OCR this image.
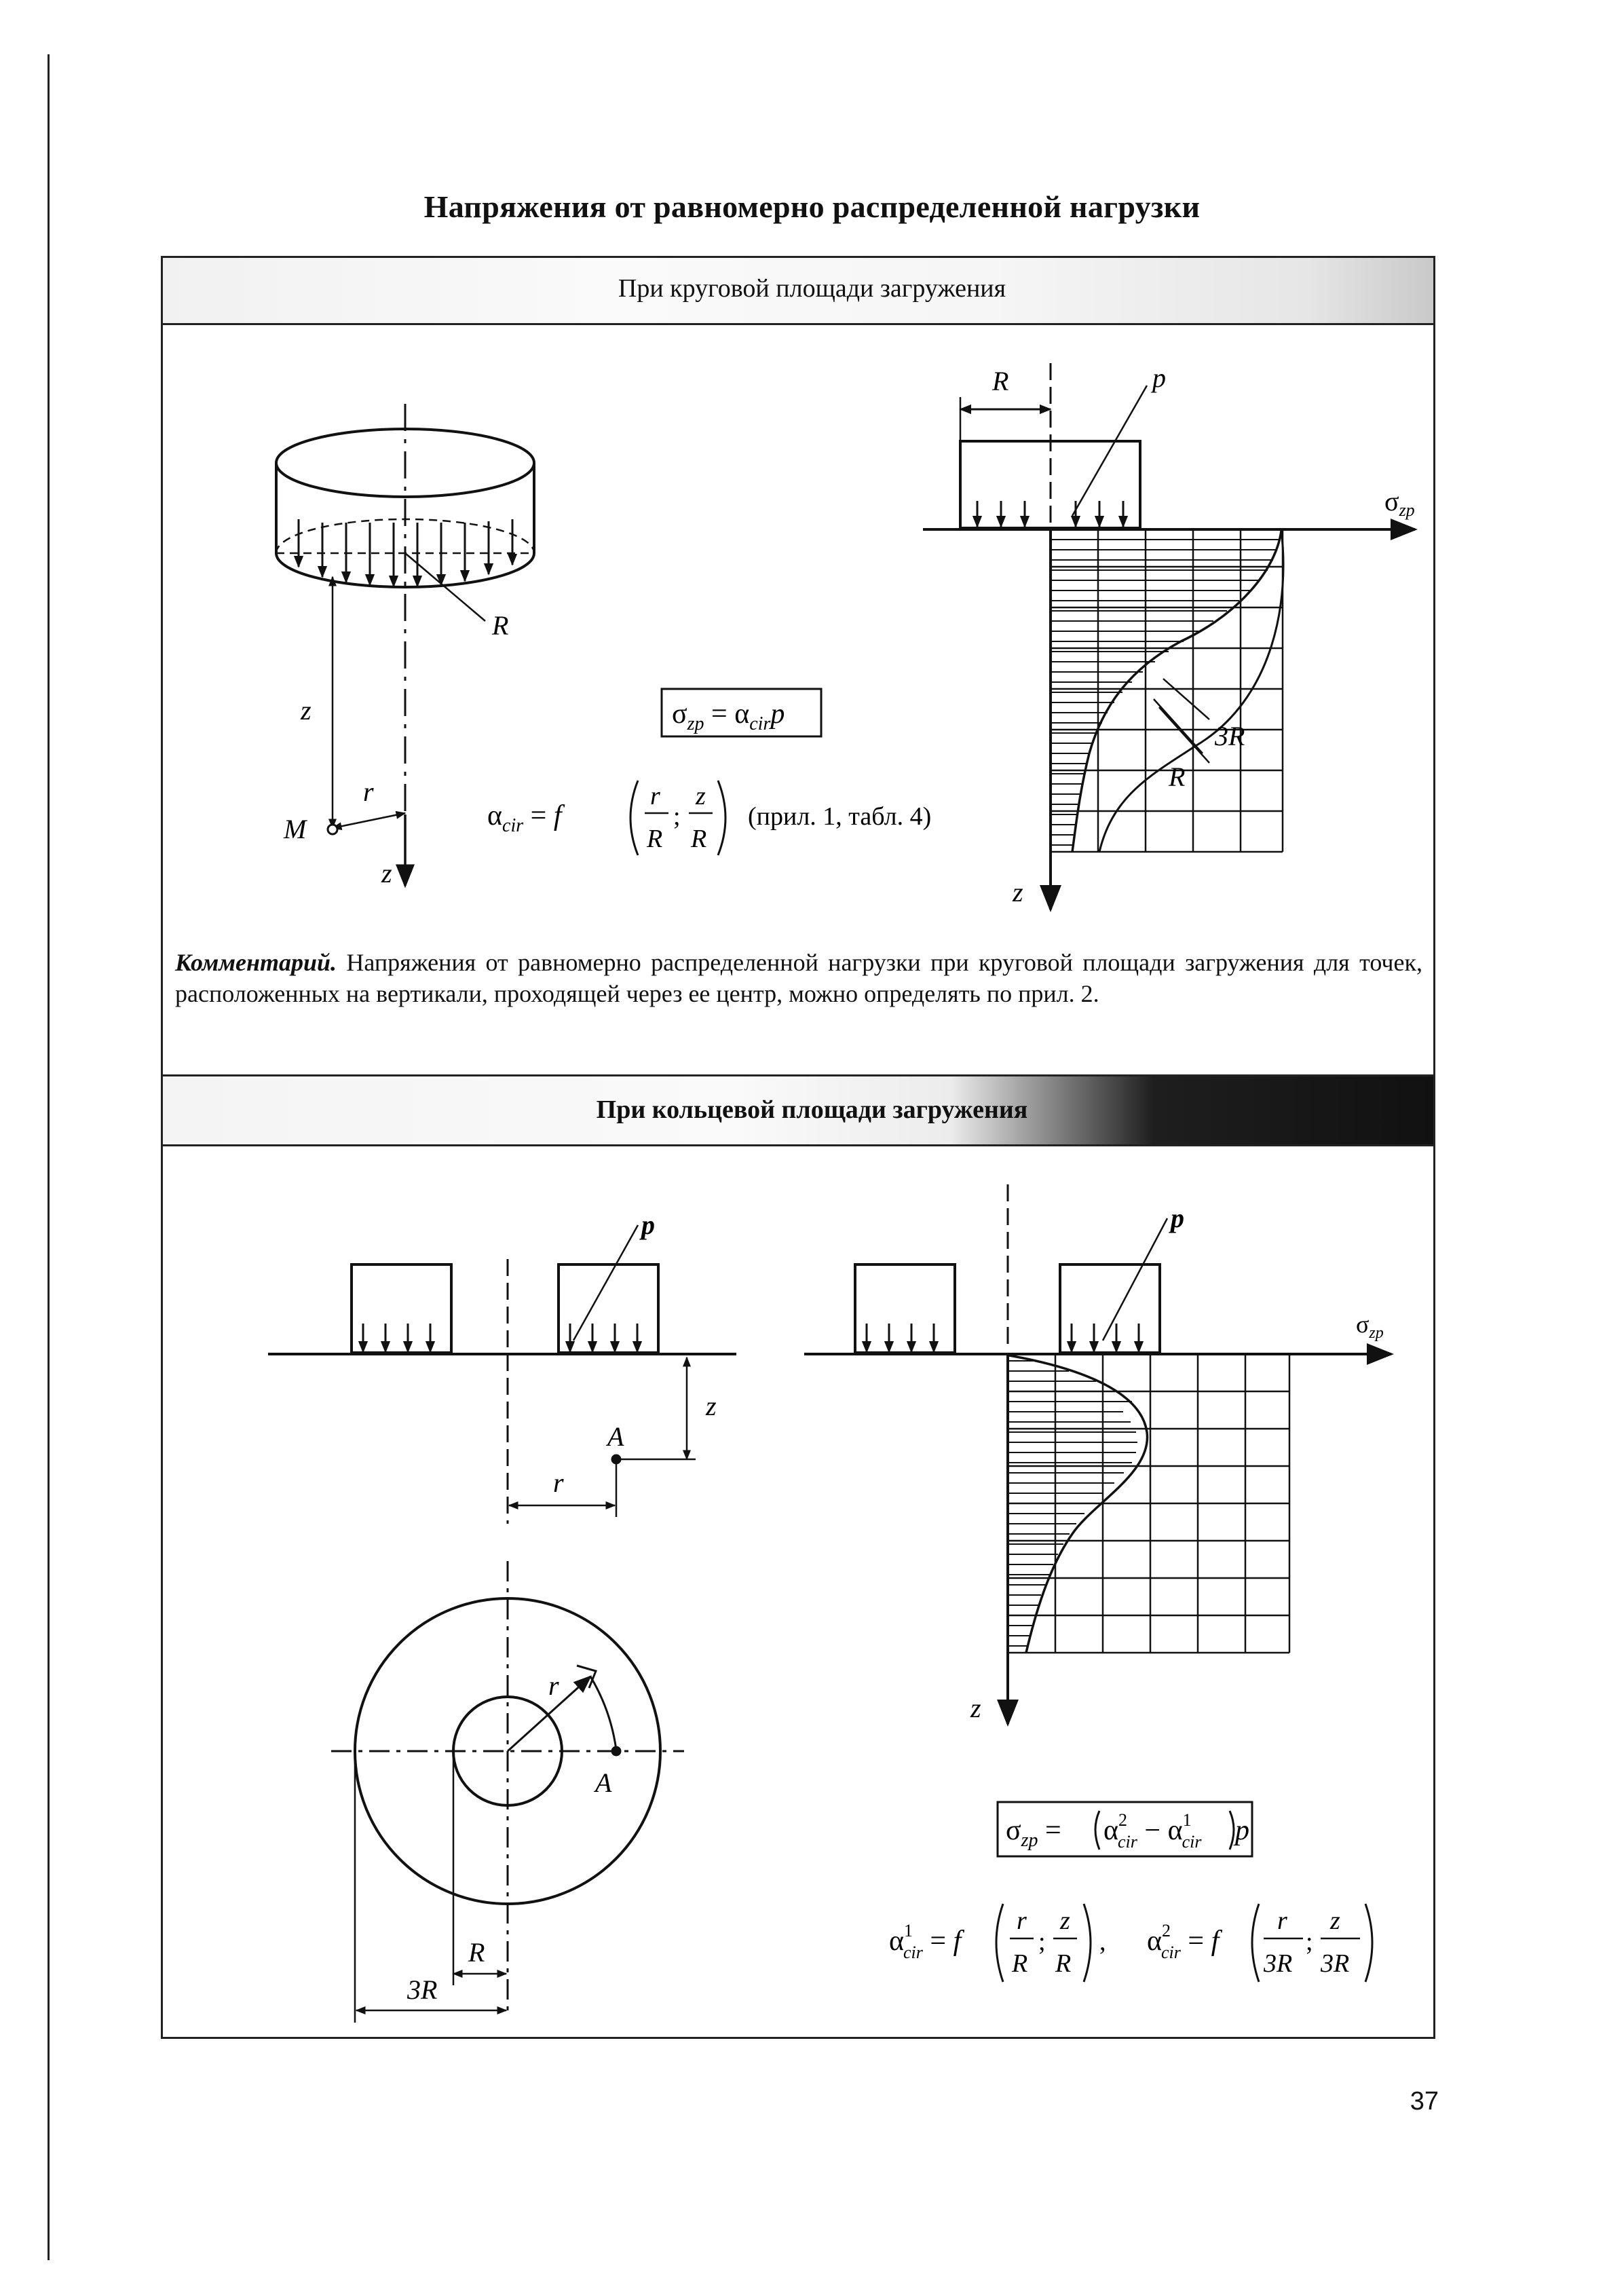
Напряжения от равномерно распределенной нагрузки
При круговой площади загружения
При кольцевой площади загружения
Комментарий. Напряжения от равномерно распределенной нагрузки при круговой площади загружения для точек, расположенных на вертикали, проходящей через ее центр, можно определять по прил. 2.
37
R
z
r
M
z
$\sigma_{zp} = \alpha_{cir}p$
$\alpha_{cir} = f$
r
R
;
z
R
(прил. 1, табл. 4)
R	p
$\sigma_{zp}$
3R
R
z
p
z
A
r
r
A
R
3R
p
$\sigma_{zp}$
z
$\sigma_{zp} = \alpha^2$ cir − $\alpha^1$ cir p
$\alpha^1$ cir = f
r
R
;
z
R
, $\alpha^2$ cir = f
r
3R
;
z
3R
